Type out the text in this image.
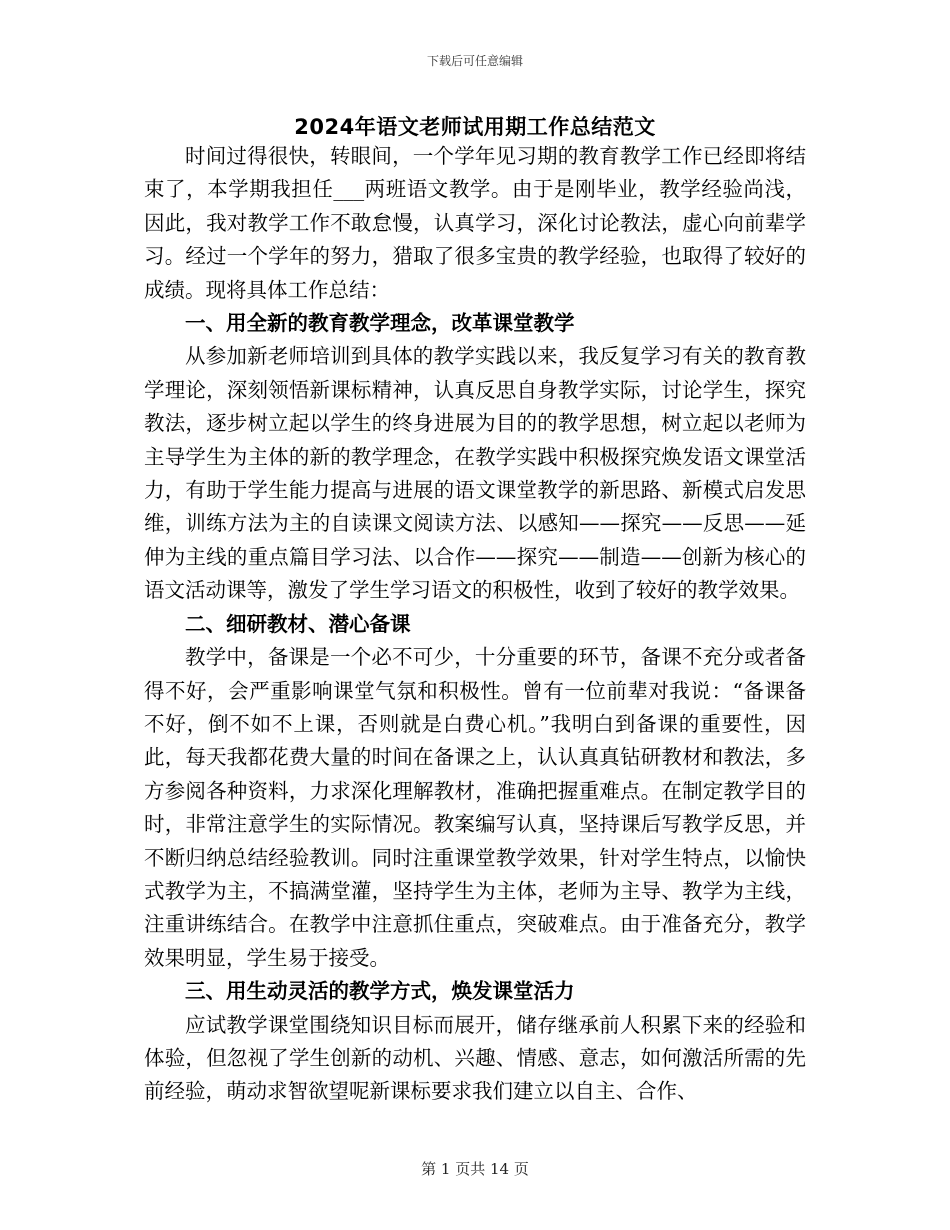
下载后可任意编辑
2024年语文老师试用期工作总结范文

时间过得很快，转眼间，一个学年见习期的教育教学工作已经即将结束了，本学期我担任___两班语文教学。由于是刚毕业，教学经验尚浅，因此，我对教学工作不敢怠慢，认真学习，深化讨论教法，虚心向前辈学习。经过一个学年的努力，猎取了很多宝贵的教学经验，也取得了较好的成绩。现将具体工作总结：

一、用全新的教育教学理念，改革课堂教学

从参加新老师培训到具体的教学实践以来，我反复学习有关的教育教学理论，深刻领悟新课标精神，认真反思自身教学实际，讨论学生，探究教法，逐步树立起以学生的终身进展为目的的教学思想，树立起以老师为主导学生为主体的新的教学理念，在教学实践中积极探究焕发语文课堂活力，有助于学生能力提高与进展的语文课堂教学的新思路、新模式启发思维，训练方法为主的自读课文阅读方法、以感知——探究——反思——延伸为主线的重点篇目学习法、以合作——探究——制造——创新为核心的语文活动课等，激发了学生学习语文的积极性，收到了较好的教学效果。

二、细研教材、潜心备课

教学中，备课是一个必不可少，十分重要的环节，备课不充分或者备得不好，会严重影响课堂气氛和积极性。曾有一位前辈对我说：“备课备不好，倒不如不上课，否则就是白费心机。”我明白到备课的重要性，因此，每天我都花费大量的时间在备课之上，认认真真钻研教材和教法，多方参阅各种资料，力求深化理解教材，准确把握重难点。在制定教学目的时，非常注意学生的实际情况。教案编写认真，坚持课后写教学反思，并不断归纳总结经验教训。同时注重课堂教学效果，针对学生特点，以愉快式教学为主，不搞满堂灌，坚持学生为主体，老师为主导、教学为主线，注重讲练结合。在教学中注意抓住重点，突破难点。由于准备充分，教学效果明显，学生易于接受。

三、用生动灵活的教学方式，焕发课堂活力

应试教学课堂围绕知识目标而展开，储存继承前人积累下来的经验和体验，但忽视了学生创新的动机、兴趣、情感、意志，如何激活所需的先前经验，萌动求智欲望呢新课标要求我们建立以自主、合作、

第 1 页共 14 页
